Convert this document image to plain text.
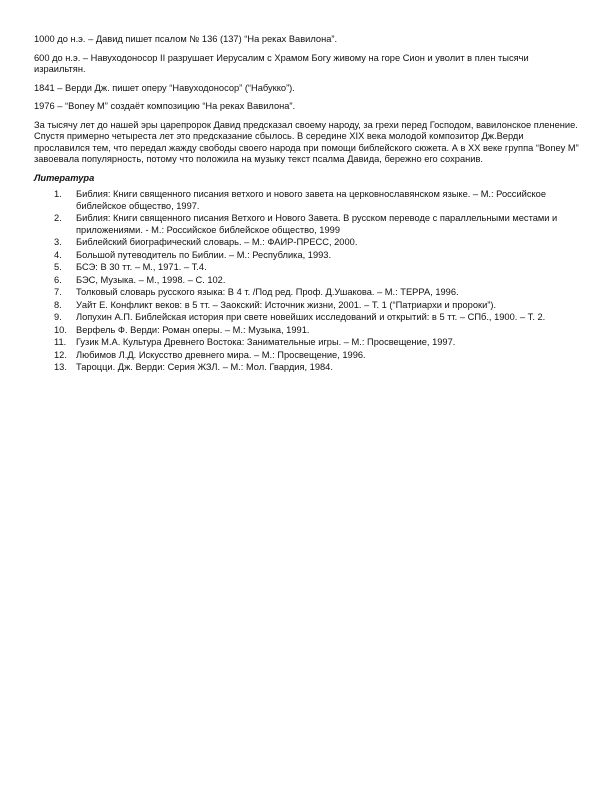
1000 до н.э. – Давид пишет псалом № 136 (137) “На реках Вавилона”.

600 до н.э. – Навуходоносор II разрушает Иерусалим с Храмом Богу живому на горе Сион и уволит в плен тысячи израильтян.

1841 – Верди Дж. пишет оперу “Навуходоносор” (“Набукко”).

1976 – “Boney M” создаёт композицию “На реках Вавилона”.

За тысячу лет до нашей эры царепророк Давид предсказал своему народу, за грехи перед Господом, вавилонское пленение. Спустя примерно четыреста лет это предсказание сбылось. В середине XIX века молодой композитор Дж.Верди прославился тем, что передал жажду свободы своего народа при помощи библейского сюжета. А в XX веке группа “Boney M” завоевала популярность, потому что положила на музыку текст псалма Давида, бережно его сохранив.

Литература
1. Библия: Книги священного писания ветхого и нового завета на церковнославянском языке. – М.: Российское библейское общество, 1997.
2. Библия: Книги священного писания Ветхого и Нового Завета. В русском переводе с параллельными местами и приложениями. - М.: Российское библейское общество, 1999
3. Библейский биографический словарь. – М.: ФАИР-ПРЕСС, 2000.
4. Большой путеводитель по Библии. – М.: Республика, 1993.
5. БСЭ: В 30 тт. – М., 1971. – Т.4.
6. БЭС, Музыка. – М., 1998. – С. 102.
7. Толковый словарь русского языка: В 4 т. /Под ред. Проф. Д.Ушакова. – М.: ТЕРРА, 1996.
8. Уайт Е. Конфликт веков: в 5 тт. – Заокский: Источник жизни, 2001. – Т. 1 (“Патриархи и пророки”).
9. Лопухин А.П. Библейская история при свете новейших исследований и открытий: в 5 тт. – СПб., 1900. – Т. 2.
10. Верфель Ф. Верди: Роман оперы. – М.: Музыка, 1991.
11. Гузик М.А. Культура Древнего Востока: Занимательные игры. – М.: Просвещение, 1997.
12. Любимов Л.Д. Искусство древнего мира. – М.: Просвещение, 1996.
13. Тароцци. Дж. Верди: Серия ЖЗЛ. – М.: Мол. Гвардия, 1984.
